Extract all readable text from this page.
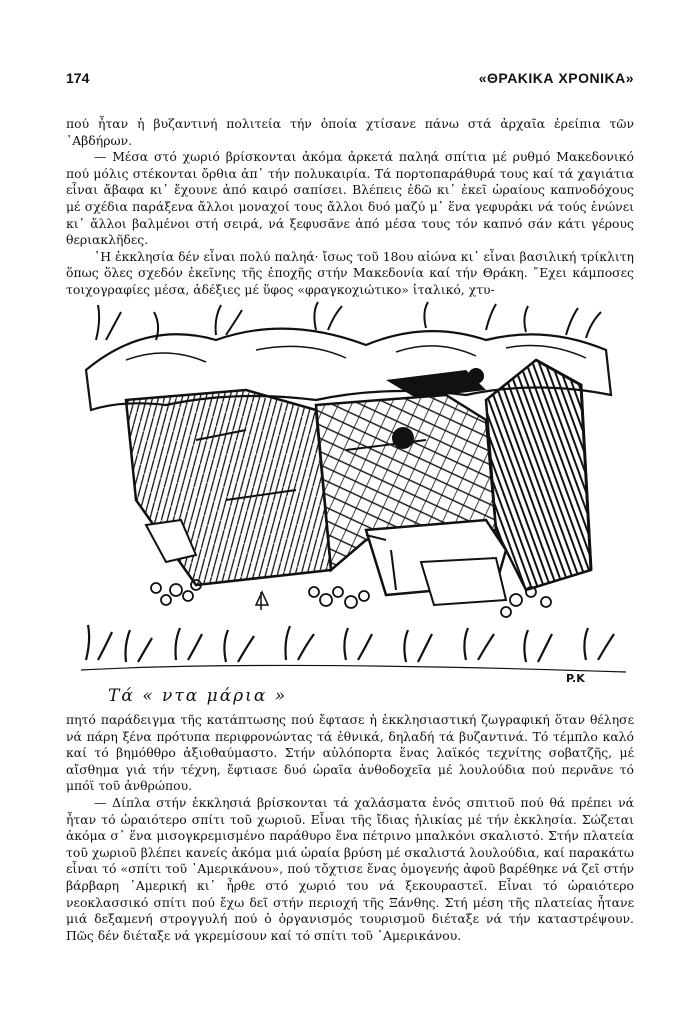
174	«ΘΡΑΚΙΚΑ ΧΡΟΝΙΚΑ»

πού ἦταν ἡ βυζαντινή πολιτεία τήν ὁποία χτίσανε πάνω στά ἀρχαῖα ἐρείπια τῶν ᾿Αβδήρων.

— Μέσα στό χωριό βρίσκονται ἀκόμα ἀρκετά παληά σπίτια μέ ρυθμό Μακεδονικό πού μόλις στέκονται ὄρθια ἀπ᾿ τήν πολυκαιρία. Τά πορτοπαράθυρά τους καί τά χαγιάτια εἶναι ἄβαφα κι᾿ ἔχουνε ἀπό καιρό σαπίσει. Βλέπεις ἐδῶ κι᾿ ἐκεῖ ὡραίους καπνοδόχους μέ σχέδια παράξενα ἄλλοι μοναχοί τους ἄλλοι δυό μαζύ μ᾿ ἕνα γεφυράκι νά τούς ἑνώνει κι᾿ ἄλλοι βαλμένοι στή σειρά, νά ξεφυσᾶνε ἀπό μέσα τους τόν καπνό σάν κάτι γέρους θεριακλῆδες.

῾Η ἐκκλησία δέν εἶναι πολύ παληά· ἴσως τοῦ 18ου αἰώνα κι᾿ εἶναι βασιλική τρίκλιτη ὅπως ὅλες σχεδόν ἐκεῖνης τῆς ἐποχῆς στήν Μακεδονία καί τήν Θράκη. ῎Εχει κάμποσες τοιχογραφίες μέσα, ἀδέξιες μέ ὕφος «φραγκοχιώτικο» ἰταλικό, χτυ-

Τά « ντα μάρια »
P.K

πητό παράδειγμα τῆς κατάπτωσης πού ἔφτασε ἡ ἐκκλησιαστική ζωγραφική ὅταν θέλησε νά πάρη ξένα πρότυπα περιφρονώντας τά ἐθνικά, δηλαδή τά βυζαντινά. Τό τέμπλο καλό καί τό βημόθθρο ἀξιοθαύμαστο. Στήν αὐλόπορτα ἕνας λαϊκός τεχνίτης σοβατζῆς, μέ αἴσθημα γιά τήν τέχνη, ἔφτιασε δυό ὡραῖα ἀνθοδοχεῖα μέ λουλούδια πού περνᾶνε τό μπόϊ τοῦ ἀνθρώπου.

— Δίπλα στήν ἐκκλησιά βρίσκονται τά χαλάσματα ἑνός σπιτιοῦ πού θά πρέπει νά ἦταν τό ὡραιότερο σπίτι τοῦ χωριοῦ. Εἶναι τῆς ἴδιας ἡλικίας μέ τήν ἐκκλησία. Σώζεται ἀκόμα σ᾿ ἕνα μισογκρεμισμένο παράθυρο ἕνα πέτρινο μπαλκόνι σκαλιστό. Στήν πλατεία τοῦ χωριοῦ βλέπει κανείς ἀκόμα μιά ὡραία βρύση μέ σκαλιστά λουλούδια, καί παρακάτω εἶναι τό «σπίτι τοῦ ᾿Αμερικάνου», πού τὄχτισε ἕνας ὁμογενής ἀφοῦ βαρέθηκε νά ζεῖ στήν βάρβαρη ᾿Αμερική κι᾿ ἦρθε στό χωριό του νά ξεκουραστεῖ. Εἶναι τό ὡραιότερο νεοκλασσικό σπίτι πού ἔχω δεῖ στήν περιοχή τῆς Ξάνθης. Στή μέση τῆς πλατείας ἦτανε μιά δεξαμενή στρογγυλή πού ὁ ὀργανισμός τουρισμοῦ διέταξε νά τήν καταστρέψουν. Πῶς δέν διέταξε νά γκρεμίσουν καί τό σπίτι τοῦ ᾿Αμερικάνου.
